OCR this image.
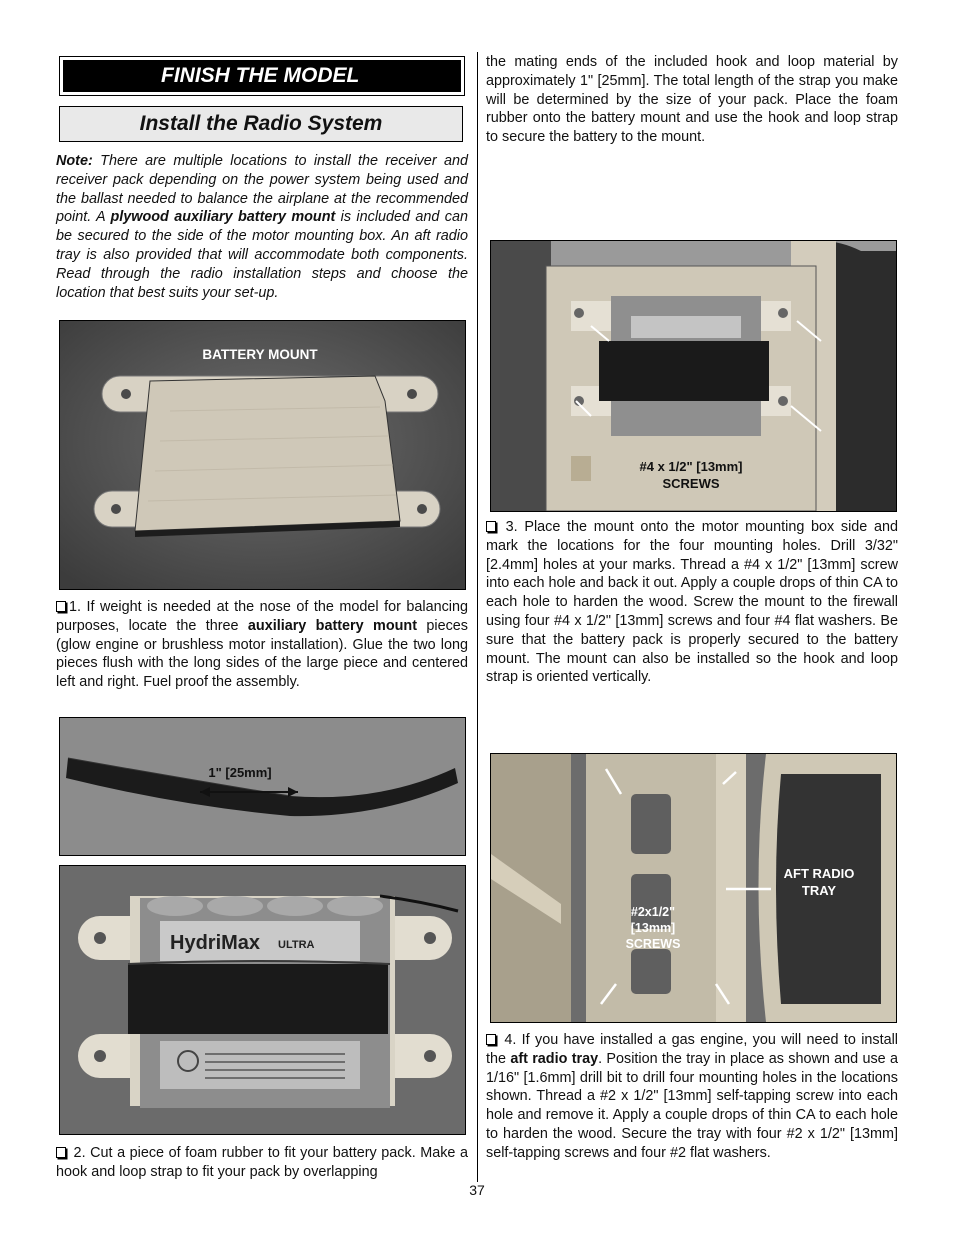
FINISH THE MODEL
Install the Radio System
Note: There are multiple locations to install the receiver and receiver pack depending on the power system being used and the ballast needed to balance the airplane at the recommended point. A plywood auxiliary battery mount is included and can be secured to the side of the motor mounting box. An aft radio tray is also provided that will accommodate both components. Read through the radio installation steps and choose the location that best suits your set-up.
BATTERY MOUNT
1. If weight is needed at the nose of the model for balancing purposes, locate the three auxiliary battery mount pieces (glow engine or brushless motor installation). Glue the two long pieces flush with the long sides of the large piece and centered left and right. Fuel proof the assembly.
1" [25mm]
HydriMax ULTRA
2. Cut a piece of foam rubber to fit your battery pack. Make a hook and loop strap to fit your pack by overlapping
the mating ends of the included hook and loop material by approximately 1" [25mm]. The total length of the strap you make will be determined by the size of your pack. Place the foam rubber onto the battery mount and use the hook and loop strap to secure the battery to the mount.
#4 x 1/2" [13mm]
SCREWS
3. Place the mount onto the motor mounting box side and mark the locations for the four mounting holes. Drill 3/32" [2.4mm] holes at your marks. Thread a #4 x 1/2" [13mm] screw into each hole and back it out. Apply a couple drops of thin CA to each hole to harden the wood. Screw the mount to the firewall using four #4 x 1/2" [13mm] screws and four #4 flat washers. Be sure that the battery pack is properly secured to the battery mount. The mount can also be installed so the hook and loop strap is oriented vertically.
AFT RADIO
TRAY
#2x1/2"
[13mm]
SCREWS
4. If you have installed a gas engine, you will need to install the aft radio tray. Position the tray in place as shown and use a 1/16" [1.6mm] drill bit to drill four mounting holes in the locations shown. Thread a #2 x 1/2" [13mm] self-tapping screw into each hole and remove it. Apply a couple drops of thin CA to each hole to harden the wood. Secure the tray with four #2 x 1/2" [13mm] self-tapping screws and four #2 flat washers.
37
